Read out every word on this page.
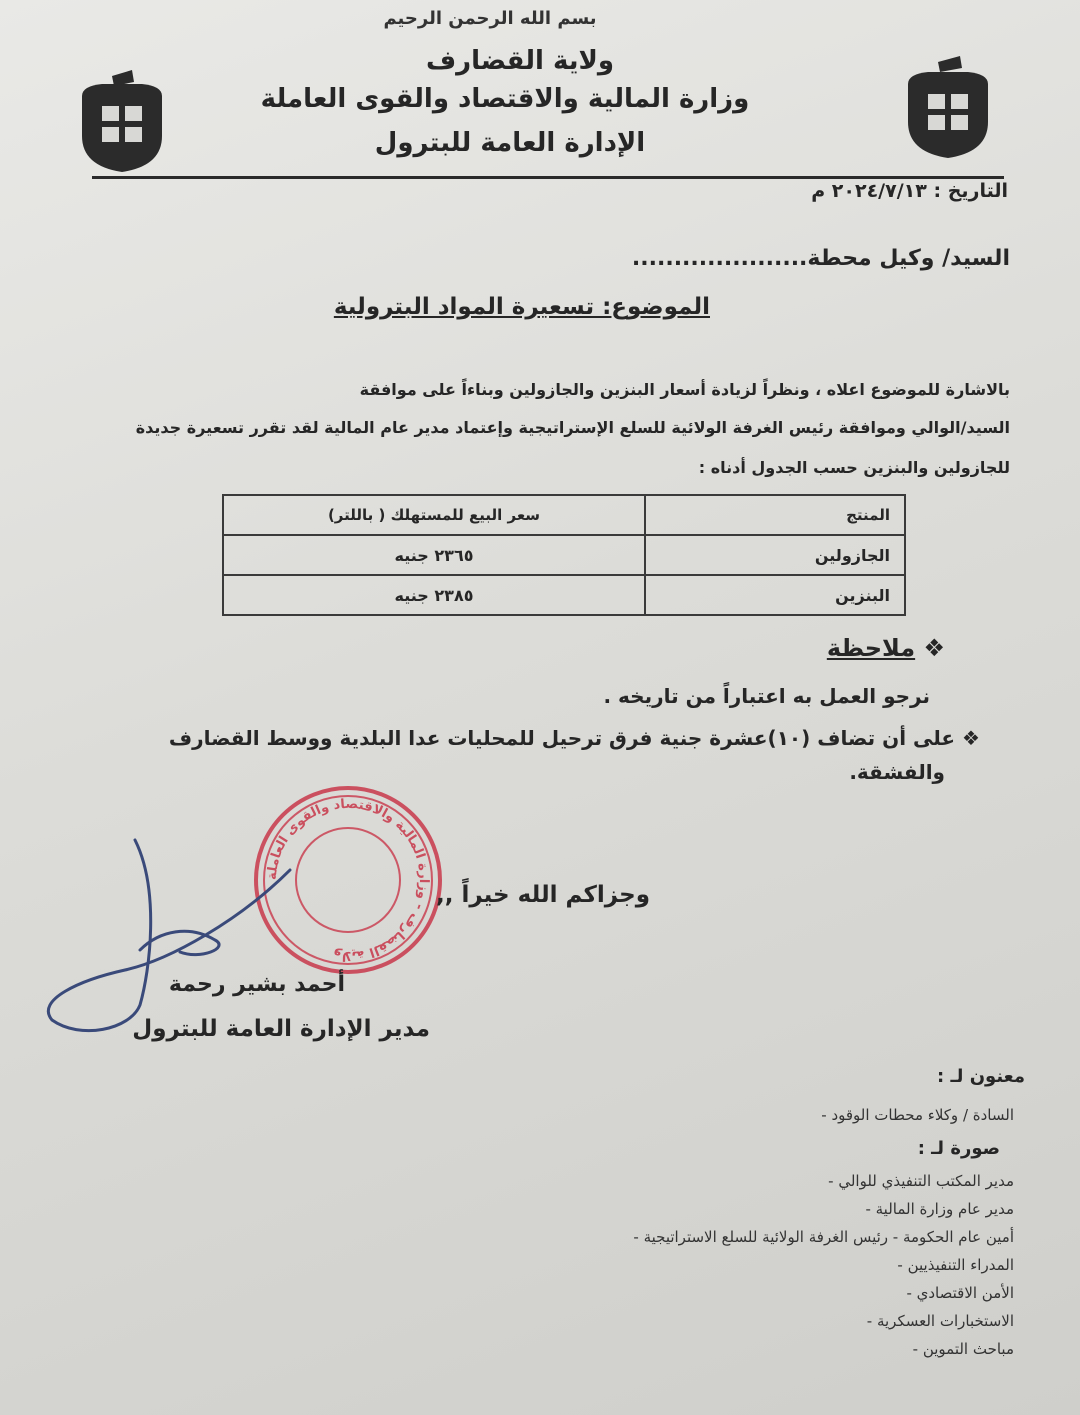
بسم الله الرحمن الرحيم
ولاية القضارف
وزارة المالية والاقتصاد والقوى العاملة
الإدارة العامة للبترول
التاريخ : ٢٠٢٤/٧/١٣ م
السيد/ وكيل محطة.....................
الموضوع: تسعيرة المواد البترولية
بالاشارة للموضوع اعلاه ، ونظراً لزيادة أسعار البنزين والجازولين وبناءاً على موافقة
السيد/الوالي وموافقة رئيس الغرفة الولائية للسلع الإستراتيجية وإعتماد مدير عام المالية لقد تقرر تسعيرة جديدة
للجازولين والبنزين حسب الجدول أدناه :
المنتج	سعر البيع للمستهلك ( باللتر)
الجازولين	٢٣٦٥ جنيه
البنزين	٢٣٨٥ جنيه
❖ ملاحظة
نرجو العمل به اعتباراً من تاريخه .
❖ على أن تضاف (١٠)عشرة جنية فرق ترحيل للمحليات عدا البلدية ووسط القضارف
والفشقة.
ولاية القضارف - وزارة المالية والاقتصاد والقوى العاملة
وجزاكم الله خيراً ,,
أحمد بشير رحمة
مدير الإدارة العامة للبترول
معنون لـ :
السادة / وكلاء محطات الوقود -
صورة لـ :
مدير المكتب التنفيذي للوالي -
مدير عام وزارة المالية -
أمين عام الحكومة - رئيس الغرفة الولائية للسلع الاستراتيجية -
المدراء التنفيذيين -
الأمن الاقتصادي -
الاستخبارات العسكرية -
مباحث التموين -
